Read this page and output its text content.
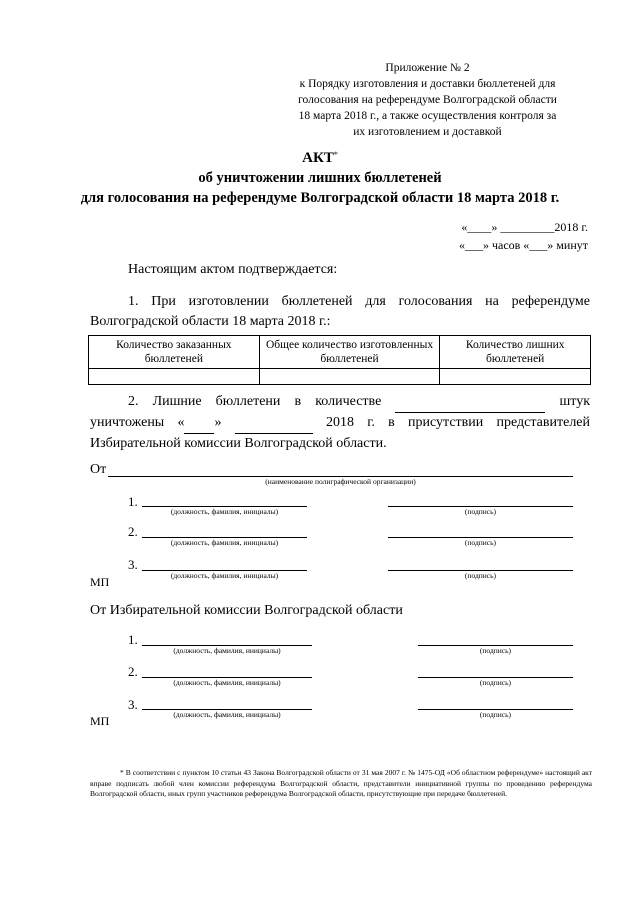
Приложение № 2
к Порядку изготовления и доставки бюллетеней для
голосования на референдуме Волгоградской области
18 марта 2018 г., а также осуществления контроля за
их изготовлением и доставкой
АКТ*
об уничтожении лишних бюллетеней
для голосования на референдуме Волгоградской области 18 марта 2018 г.
«____» _________2018 г.
«___» часов «___» минут
Настоящим актом подтверждается:
1. При изготовлении бюллетеней для голосования на референдуме Волгоградской области 18 марта 2018 г.:
Количество заказанных бюллетеней	Общее количество изготовленных бюллетеней	Количество лишних бюллетеней

2. Лишние бюллетени в количестве	штук уничтожены « »	2018 г. в присутствии представителей Избирательной комиссии Волгоградской области.
От
(наименование полиграфической организации)
1.
(должность, фамилия, инициалы)	(подпись)
2.
(должность, фамилия, инициалы)	(подпись)
3.
(должность, фамилия, инициалы)	(подпись)
МП
От Избирательной комиссии Волгоградской области
1.
(должность, фамилия, инициалы)	(подпись)
2.
(должность, фамилия, инициалы)	(подпись)
3.
(должность, фамилия, инициалы)	(подпись)
МП
* В соответствии с пунктом 10 статьи 43 Закона Волгоградской области от 31 мая 2007 г. № 1475-ОД «Об областном референдуме» настоящий акт вправе подписать любой член комиссии референдума Волгоградской области, представители инициативной группы по проведению референдума Волгоградской области, иных групп участников референдума Волгоградской области, присутствующие при передаче бюллетеней.
